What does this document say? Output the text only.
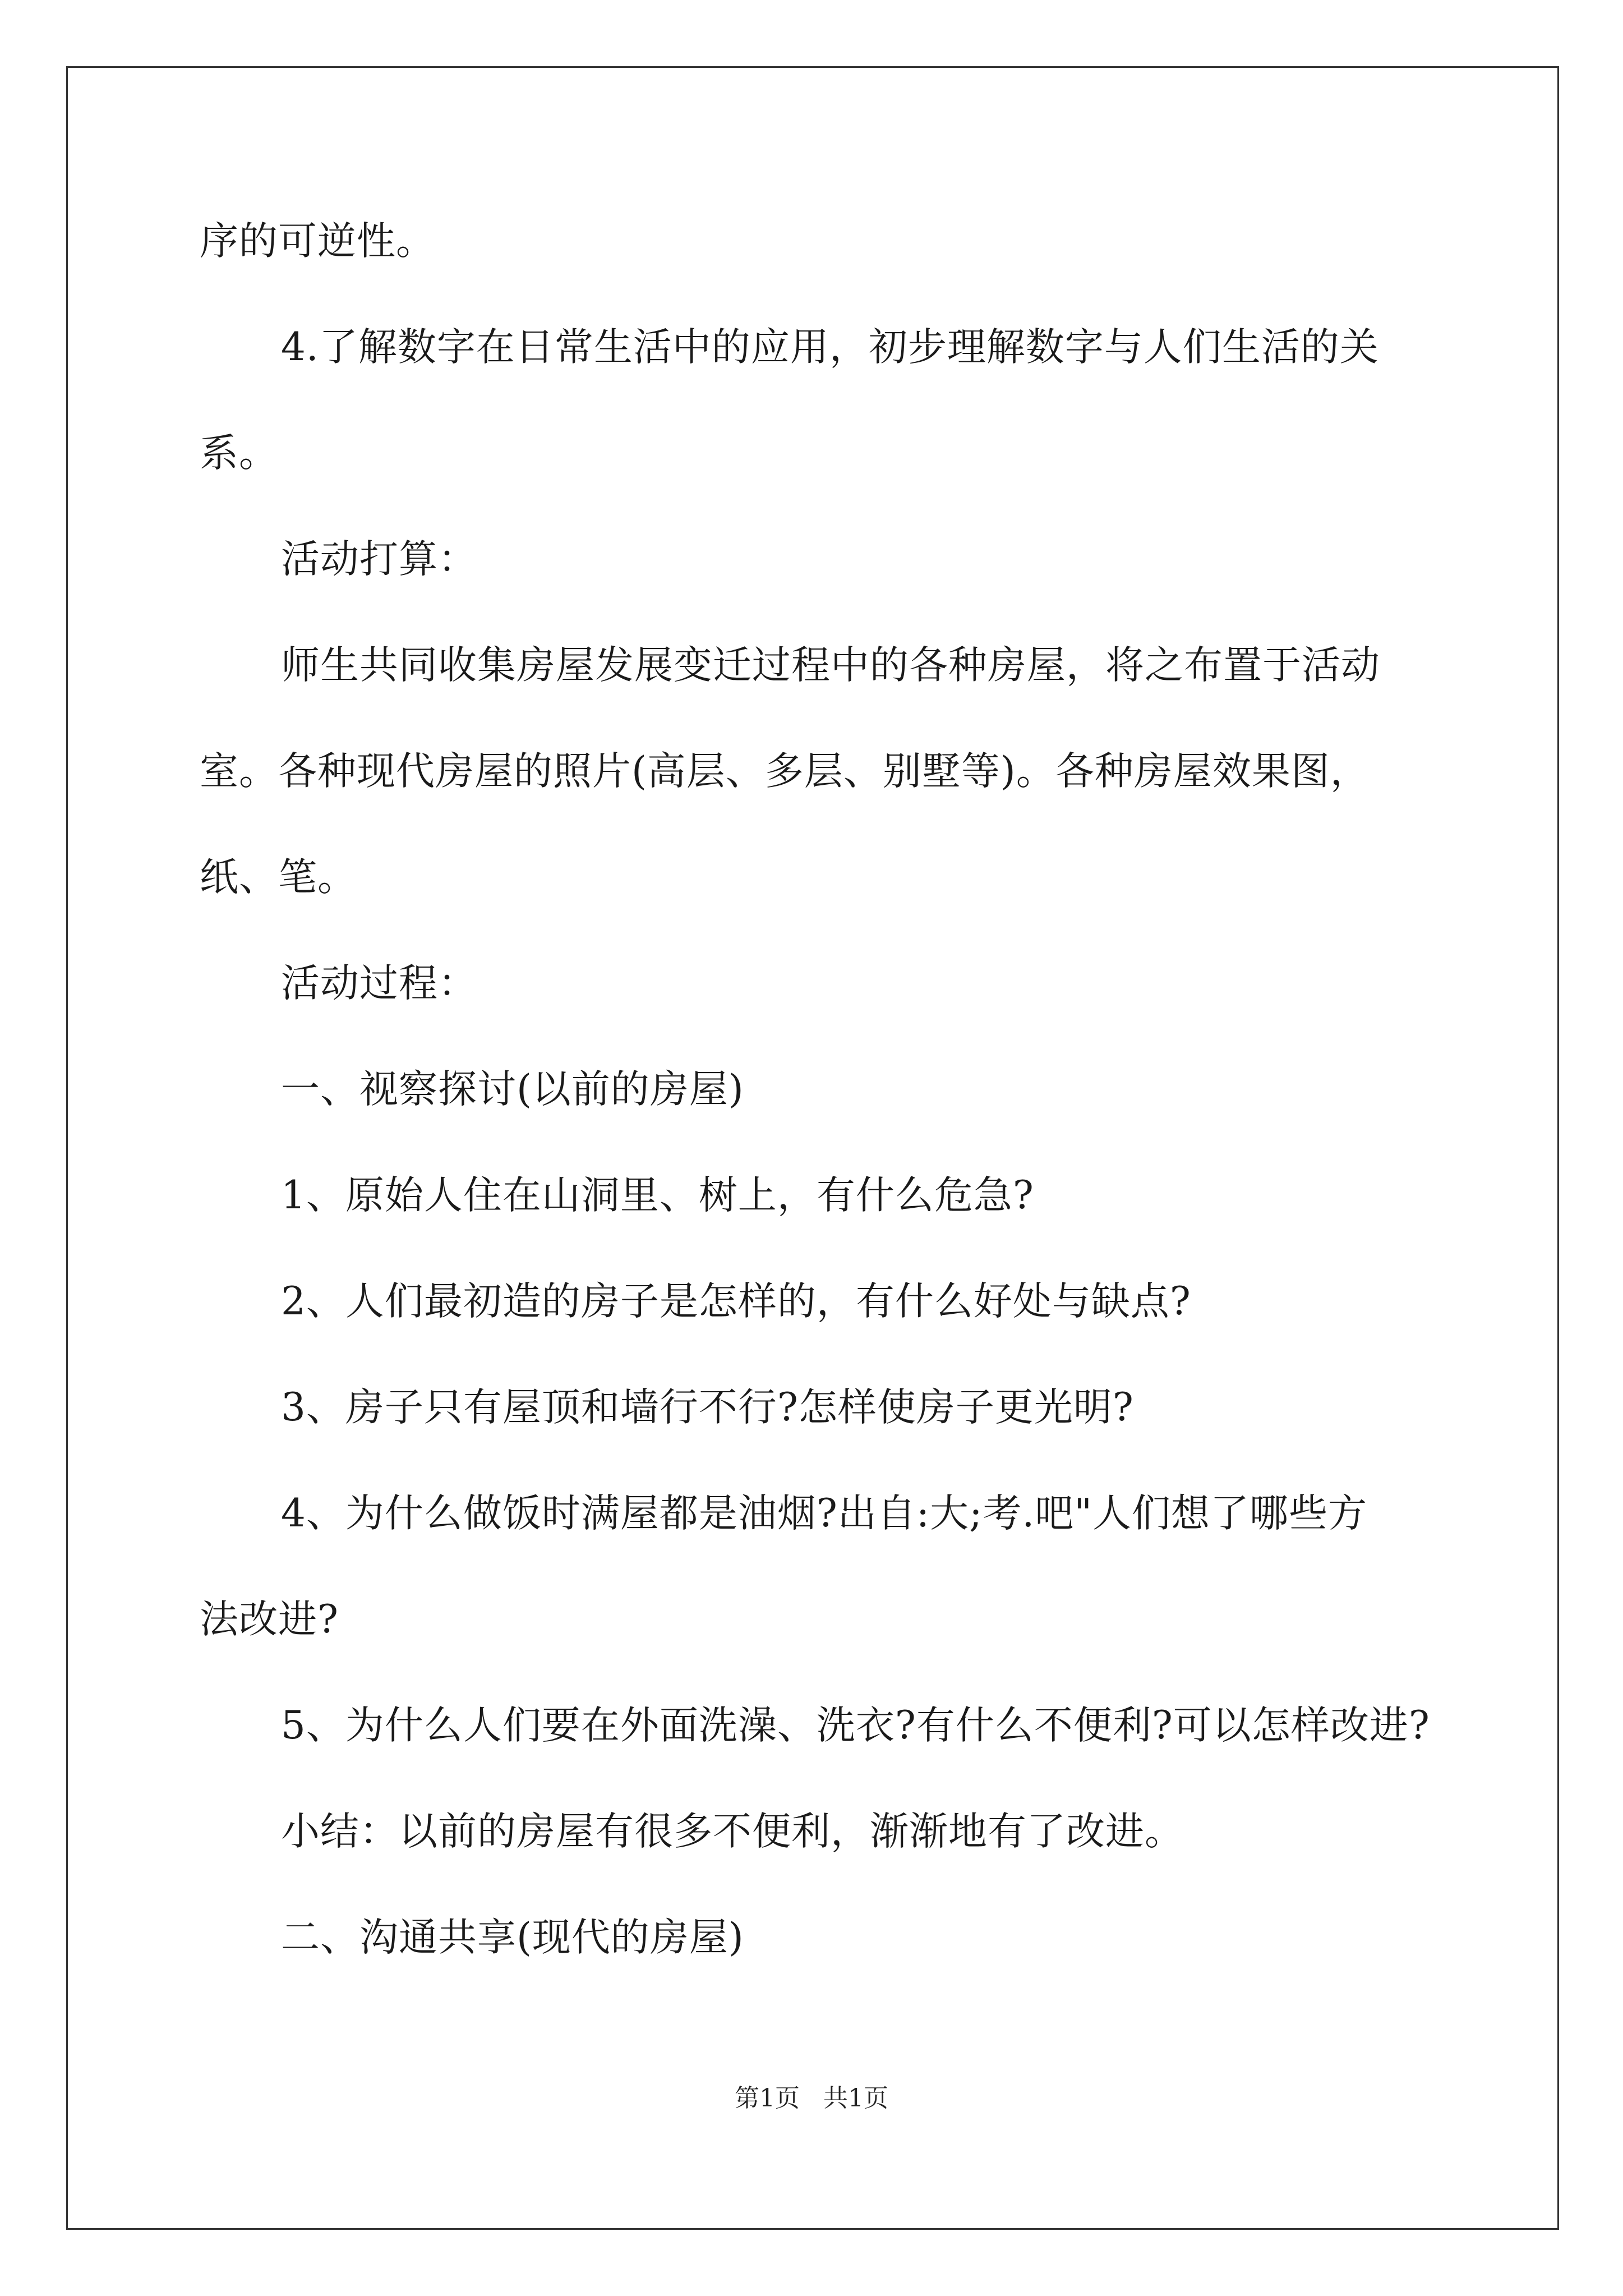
序的可逆性。
4.了解数字在日常生活中的应用，初步理解数字与人们生活的关
系。
活动打算：
师生共同收集房屋发展变迁过程中的各种房屋，将之布置于活动
室。各种现代房屋的照片(高层、多层、别墅等)。各种房屋效果图，
纸、笔。
活动过程：
一、视察探讨(以前的房屋)
1、原始人住在山洞里、树上，有什么危急?
2、人们最初造的房子是怎样的，有什么好处与缺点?
3、房子只有屋顶和墙行不行?怎样使房子更光明?
4、为什么做饭时满屋都是油烟?出自:大;考.吧"人们想了哪些方
法改进?
5、为什么人们要在外面洗澡、洗衣?有什么不便利?可以怎样改进?
小结：以前的房屋有很多不便利，渐渐地有了改进。
二、沟通共享(现代的房屋)
第1页 共1页
